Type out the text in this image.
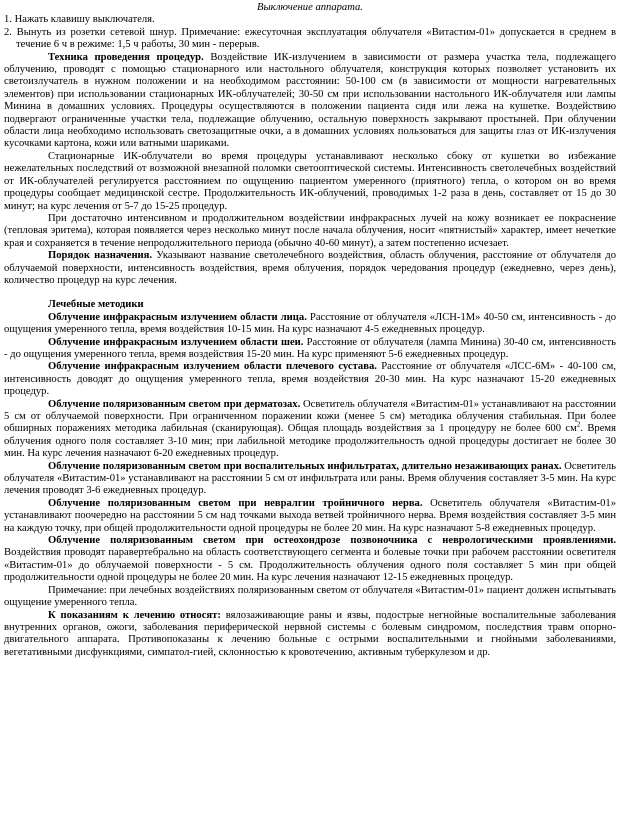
Выключение аппарата.

1. Нажать клавишу выключателя.

2. Вынуть из розетки сетевой шнур. Примечание: ежесуточная эксплуатация облучателя «Витастим-01» допускается в среднем в течение 6 ч в режиме: 1,5 ч работы, 30 мин - перерыв.

Техника проведения процедур. Воздействие ИК-излучением в зависимости от размера участка тела, подлежащего облучению, проводят с помощью стационарного или настольного облучателя, конструкция которых позволяет установить их светоизлучатель в нужном положении и на необходимом расстоянии: 50-100 см (в зависимости от мощности нагревательных элементов) при использовании стационарных ИК-облучателей; 30-50 см при использовании настольного ИК-облучателя или лампы Минина в домашних условиях. Процедуры осуществляются в положении пациента сидя или лежа на кушетке. Воздействию подвергают ограниченные участки тела, подлежащие облучению, остальную поверхность закрывают простыней. При облучении области лица необходимо использовать светозащитные очки, а в домашних условиях пользоваться для защиты глаз от ИК-излучения кусочками картона, кожи или ватными шариками.

Стационарные ИК-облучатели во время процедуры устанавливают несколько сбоку от кушетки во избежание нежелательных последствий от возможной внезапной поломки светооптической системы. Интенсивность светолечебных воздействий от ИК-облучателей регулируется расстоянием по ощущению пациентом умеренного (приятного) тепла, о котором он во время процедуры сообщает медицинской сестре. Продолжительность ИК-облучений, проводимых 1-2 раза в день, составляет от 15 до 30 минут; на курс лечения от 5-7 до 15-25 процедур.

При достаточно интенсивном и продолжительном воздействии инфракрасных лучей на кожу возникает ее покраснение (тепловая эритема), которая появляется через несколько минут после начала облучения, носит «пятнистый» характер, имеет нечеткие края и сохраняется в течение непродолжительного периода (обычно 40-60 минут), а затем постепенно исчезает.

Порядок назначения. Указывают название светолечебного воздействия, область облучения, расстояние от облучателя до облучаемой поверхности, интенсивность воздействия, время облучения, порядок чередования процедур (ежедневно, через день), количество процедур на курс лечения.

Лечебные методики

Облучение инфракрасным излучением области лица. Расстояние от облучателя «ЛСН-1М» 40-50 см, интенсивность - до ощущения умеренного тепла, время воздействия 10-15 мин. На курс назначают 4-5 ежедневных процедур.

Облучение инфракрасным излучением области шеи. Расстояние от облучателя (лампа Минина) 30-40 см, интенсивность - до ощущения умеренного тепла, время воздействия 15-20 мин. На курс применяют 5-6 ежедневных процедур.

Облучение инфракрасным излучением области плечевого сустава. Расстояние от облучателя «ЛСС-6М» - 40-100 см, интенсивность доводят до ощущения умеренного тепла, время воздействия 20-30 мин. На курс назначают 15-20 ежедневных процедур.

Облучение поляризованным светом при дерматозах. Осветитель облучателя «Витастим-01» устанавливают на расстоянии 5 см от облучаемой поверхности. При ограниченном поражении кожи (менее 5 см) методика облучения стабильная. При более обширных поражениях методика лабильная (сканирующая). Общая площадь воздействия за 1 процедуру не более 600 $см^2$. Время облучения одного поля составляет 3-10 мин; при лабильной методике продолжительность одной процедуры достигает не более 30 мин. На курс лечения назначают 6-20 ежедневных процедур.

Облучение поляризованным светом при воспалительных инфильтратах, длительно незаживающих ранах. Осветитель облучателя «Витастим-01» устанавливают на расстоянии 5 см от инфильтрата или раны. Время облучения составляет 3-5 мин. На курс лечения проводят 3-6 ежедневных процедур.

Облучение поляризованным светом при невралгии тройничного нерва. Осветитель облучателя «Витастим-01» устанавливают поочередно на расстоянии 5 см над точками выхода ветвей тройничного нерва. Время воздействия составляет 3-5 мин на каждую точку, при общей продолжительности одной процедуры не более 20 мин. На курс назначают 5-8 ежедневных процедур.

Облучение поляризованным светом при остеохондрозе позвоночника с неврологическими проявлениями. Воздействия проводят паравертебрально на область соответствующего сегмента и болевые точки при рабочем расстоянии осветителя «Витастим-01» до облучаемой поверхности - 5 см. Продолжительность облучения одного поля составляет 5 мин при общей продолжительности одной процедуры не более 20 мин. На курс лечения назначают 12-15 ежедневных процедур.

Примечание: при лечебных воздействиях поляризованным светом от облучателя «Витастим-01» пациент должен испытывать ощущение умеренного тепла.

К показаниям к лечению относят: вялозаживающие раны и язвы, подострые негнойные воспалительные заболевания внутренних органов, ожоги, заболевания периферической нервной системы с болевым синдромом, последствия травм опорно-двигательного аппарата. Противопоказаны к лечению больные с острыми воспалительными и гнойными заболеваниями, вегетативными дисфункциями, симпатол-гией, склонностью к кровотечению, активным туберкулезом и др.
